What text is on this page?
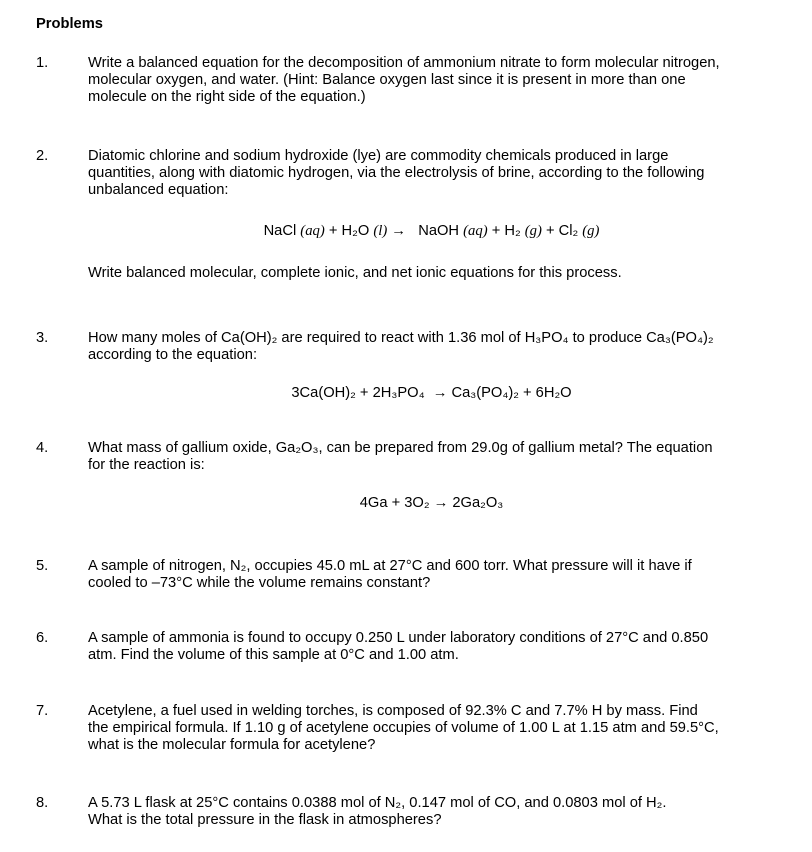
Problems
1.	Write a balanced equation for the decomposition of ammonium nitrate to form molecular nitrogen,
molecular oxygen, and water. (Hint: Balance oxygen last since it is present in more than one
molecule on the right side of the equation.)
2.	Diatomic chlorine and sodium hydroxide (lye) are commodity chemicals produced in large
quantities, along with diatomic hydrogen, via the electrolysis of brine, according to the following
unbalanced equation:
NaCl (aq) + H₂O (l) →   NaOH (aq) + H₂ (g) + Cl₂ (g)
Write balanced molecular, complete ionic, and net ionic equations for this process.
3.	How many moles of Ca(OH)₂ are required to react with 1.36 mol of H₃PO₄ to produce Ca₃(PO₄)₂
according to the equation:
3Ca(OH)₂ + 2H₃PO₄  → Ca₃(PO₄)₂ + 6H₂O
4.	What mass of gallium oxide, Ga₂O₃, can be prepared from 29.0g of gallium metal? The equation
for the reaction is:
4Ga + 3O₂ → 2Ga₂O₃
5.	A sample of nitrogen, N₂, occupies 45.0 mL at 27°C and 600 torr. What pressure will it have if
cooled to –73°C while the volume remains constant?
6.	A sample of ammonia is found to occupy 0.250 L under laboratory conditions of 27°C and 0.850
atm. Find the volume of this sample at 0°C and 1.00 atm.
7.	Acetylene, a fuel used in welding torches, is composed of 92.3% C and 7.7% H by mass. Find
the empirical formula. If 1.10 g of acetylene occupies of volume of 1.00 L at 1.15 atm and 59.5°C,
what is the molecular formula for acetylene?
8.	A 5.73 L flask at 25°C contains 0.0388 mol of N₂, 0.147 mol of CO, and 0.0803 mol of H₂.
What is the total pressure in the flask in atmospheres?
